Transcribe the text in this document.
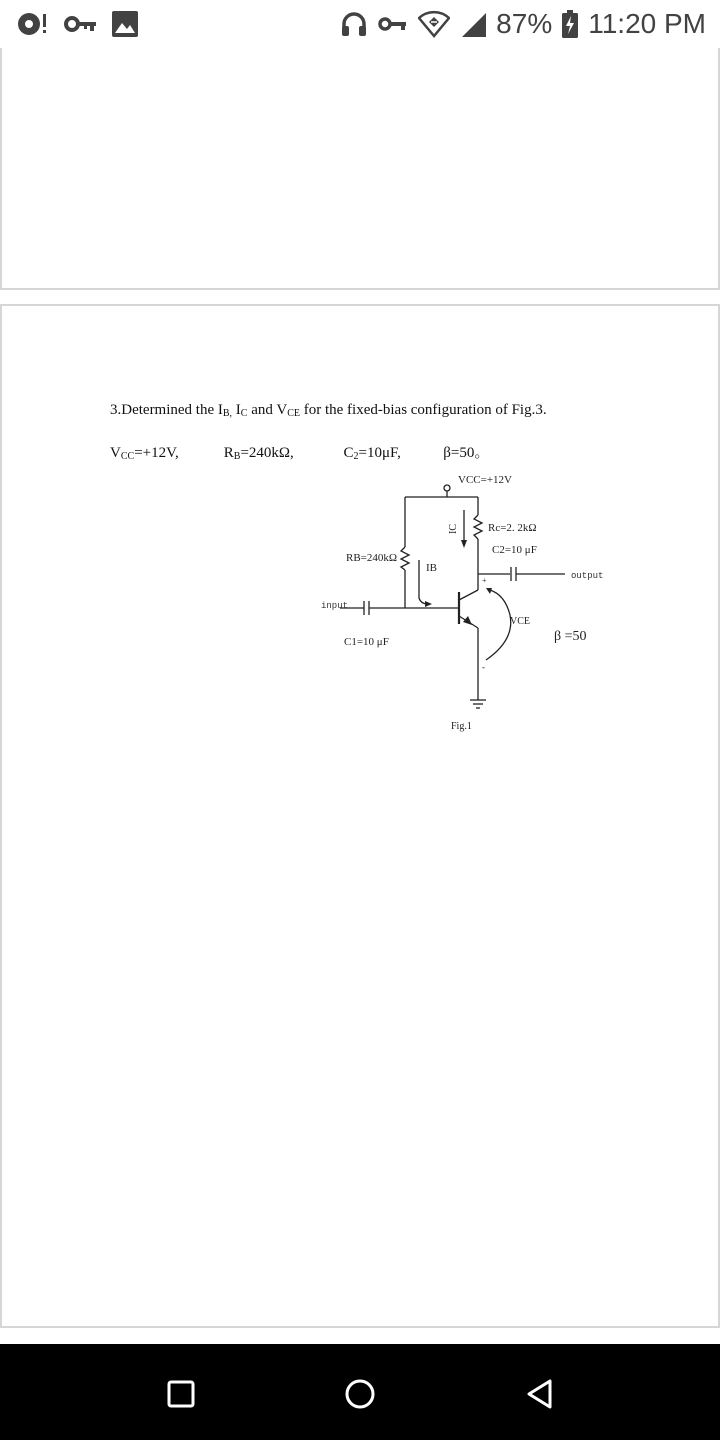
87% 11:20 PM
3.Determined the $I_{B,}$ $I_C$ and $V_{CE}$ for the fixed-bias configuration of Fig.3.
VCC=+12V,	RB=240kΩ,	C2=10μF,	β=50。
VCC=+12V
Rc=2. 2kΩ
C2=10 μF
RB=240kΩ
IB
IC
output
input
C1=10 μF
VCE
+
-
β =50
Fig.1
